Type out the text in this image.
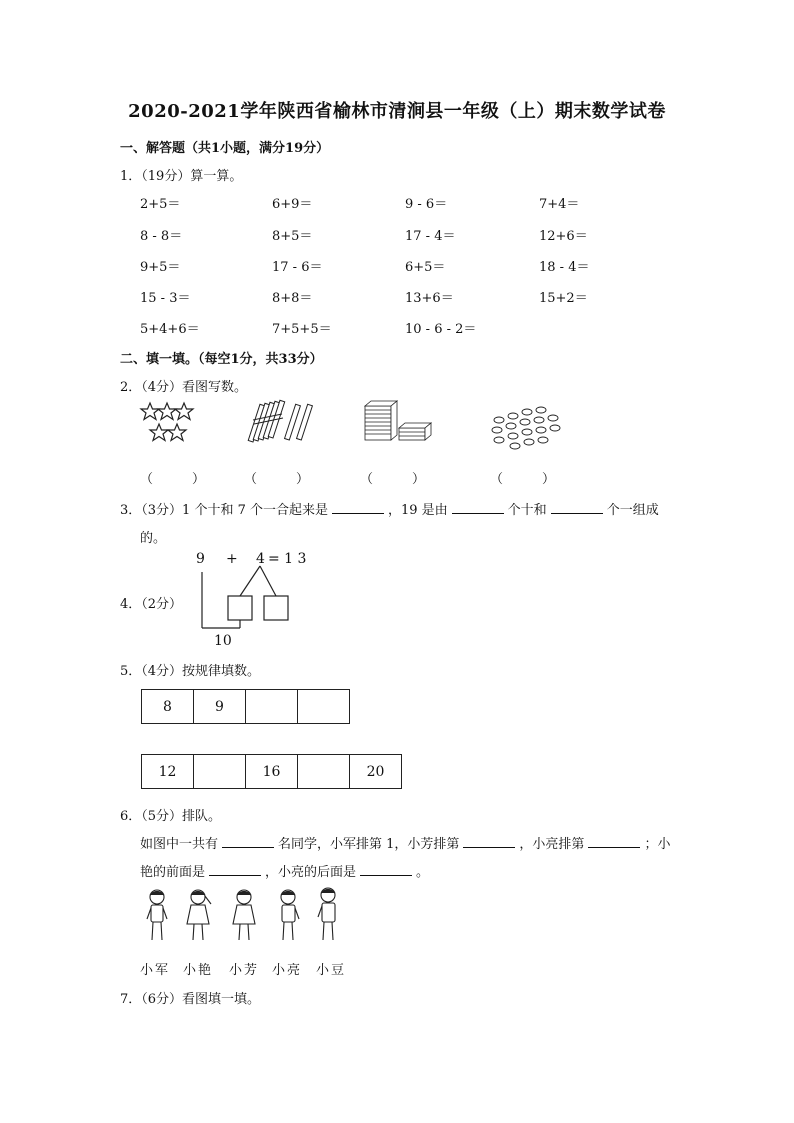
2020-2021学年陕西省榆林市清涧县一年级（上）期末数学试卷
一、解答题（共1小题，满分19分）
1．（19分）算一算。
2+5＝	6+9＝	9 - 6＝	7+4＝
8 - 8＝	8+5＝	17 - 4＝	12+6＝
9+5＝	17 - 6＝	6+5＝	18 - 4＝
15 - 3＝	8+8＝	13+6＝	15+2＝
5+4+6＝	7+5+5＝	10 - 6 - 2＝
二、填一填。（每空1分，共33分）
2．（4分）看图写数。
（　　　）	（　　　）	（　　　）	（　　　）
3．（3分）1 个十和 7 个一合起来是	，19 是由	个十和	个一组成
的。
4．（2分）
9 + 4 = 1 3
10
5．（4分）按规律填数。
8	9		
12		16		20
6．（5分）排队。
如图中一共有	名同学，小军排第 1，小芳排第	，小亮排第	；小
艳的前面是	，小亮的后面是	。
小军 小艳 小芳 小亮 小豆
7．（6分）看图填一填。
